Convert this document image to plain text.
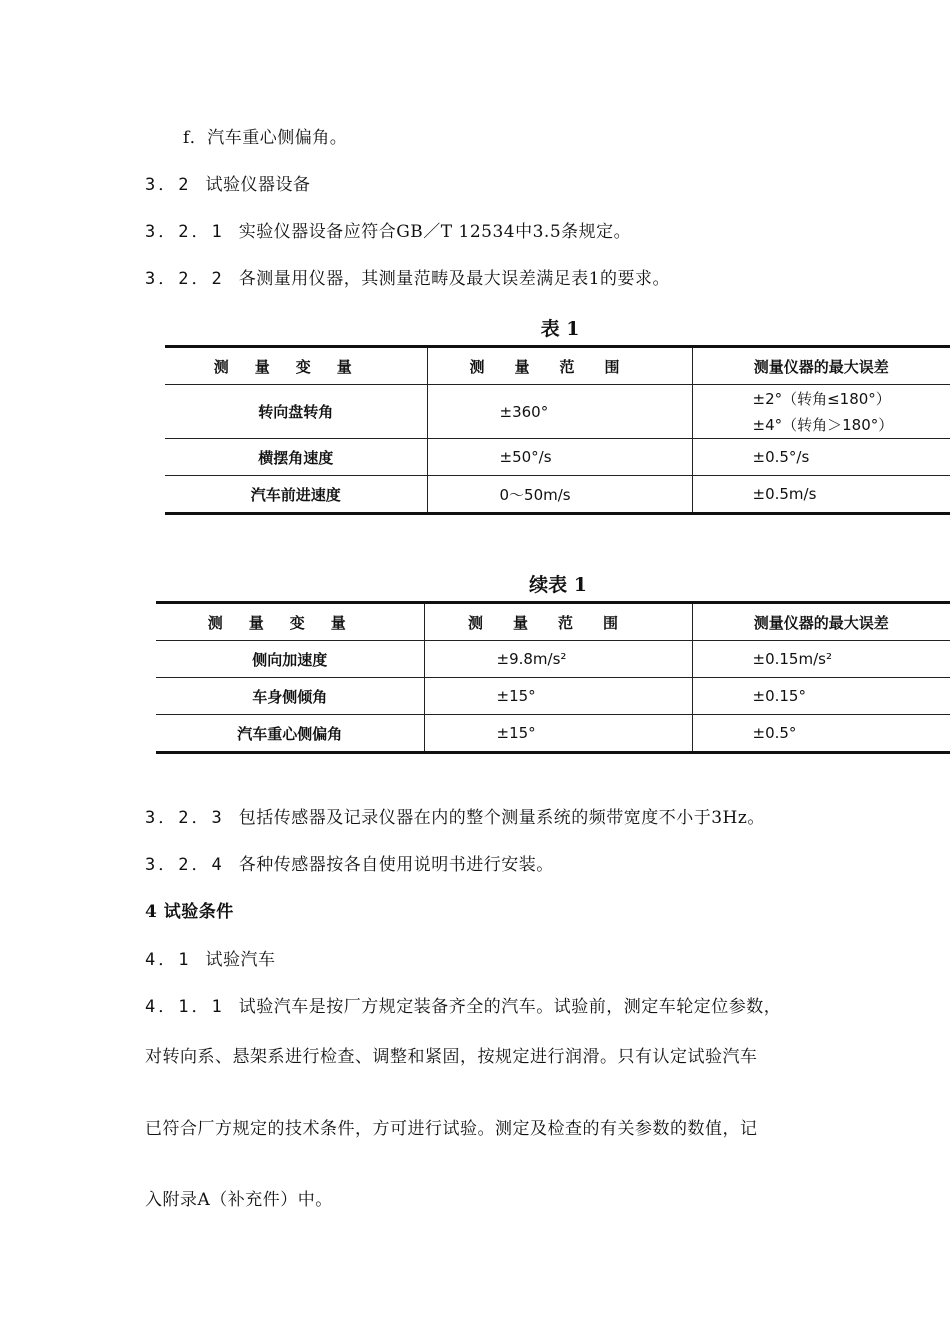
f．汽车重心侧偏角。
3．2 试验仪器设备
3．2．1 实验仪器设备应符合GB／T 12534中3.5条规定。
3．2．2 各测量用仪器，其测量范畴及最大误差满足表1的要求。
表 1
测量变量	测量范围	测量仪器的最大误差
转向盘转角	±360°	±2°（转角≤180°）
±4°（转角＞180°）

横摆角速度	±50°/s	±0.5°/s
汽车前进速度	0～50m/s	±0.5m/s
续表 1
测量变量	测量范围	测量仪器的最大误差
侧向加速度	±9.8m/s²	±0.15m/s²
车身侧倾角	±15°	±0.15°
汽车重心侧偏角	±15°	±0.5°
3．2．3 包括传感器及记录仪器在内的整个测量系统的频带宽度不小于3Hz。
3．2．4 各种传感器按各自使用说明书进行安装。
4 试验条件
4．1 试验汽车
4．1．1 试验汽车是按厂方规定装备齐全的汽车。试验前，测定车轮定位参数，
对转向系、悬架系进行检查、调整和紧固，按规定进行润滑。只有认定试验汽车
已符合厂方规定的技术条件，方可进行试验。测定及检查的有关参数的数值，记
入附录A（补充件）中。
